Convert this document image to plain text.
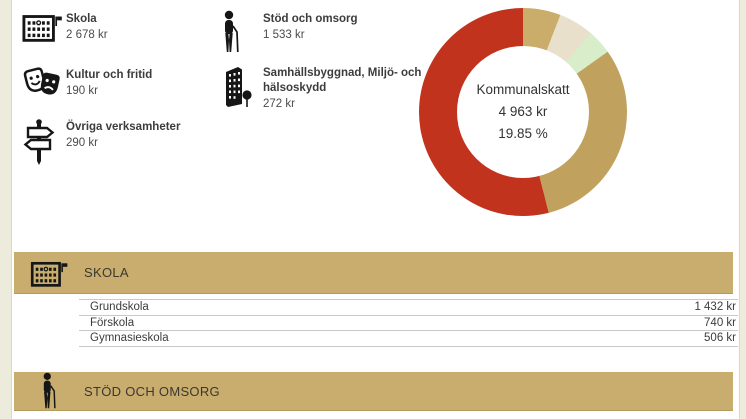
Skola
2 678 kr
Kultur och fritid
190 kr
Övriga verksamheter
290 kr
Stöd och omsorg
1 533 kr
Samhällsbyggnad, Miljö- och hälsoskydd
272 kr
Kommunalskatt
4 963 kr
19.85 %
SKOLA
Grundskola	1 432 kr
Förskola	740 kr
Gymnasieskola	506 kr
STÖD OCH OMSORG
